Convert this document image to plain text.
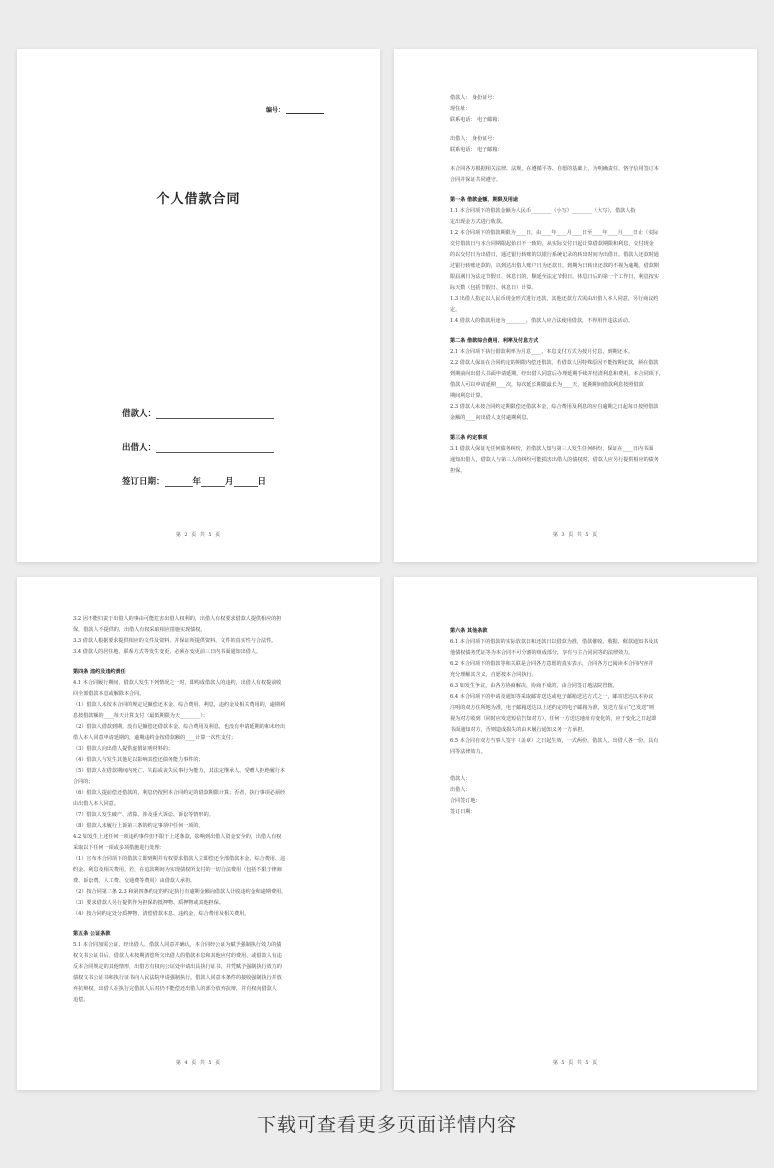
编号：
个人借款合同
借款人：
出借人：
签订日期：	年	月	日
第 2 页 共 5 页

借款人： 身份证号：

现住址：

联系电话： 电子邮箱：

出借人： 身份证号：

联系电话： 电子邮箱：

本合同各方根据相关法律、法规，在遵循平等、自愿的基础上，为明确责任、恪守信用签订本

合同并保证共同遵守。

第一条 借款金额、期限及用途

1.1 本合同项下的借款金额为人民币________（小写）________（大写），借款人指

定出现金方式进行收款。

1.2 本合同项下的借款期限为____日，由____年____月____日至____年____月____日止（实际

交付借款日与本合同期限起始日不一致的，从实际交付日起计算借款期限和利息，交付现金

的以交付日为出借日，通过银行转账的以银行系统记录的转出时间为出借日。借款人还款时通

过银行转账还款的，以到达出借人账户日为还款日，到期为日转出还款的不视为逾期。借款期

限届满日为法定节假日、休息日的，顺延至法定节假日、休息日后的第一个工作日，利息按实

际天数（包括节假日、休息日）计算。

1.3 出借人指定以人民币现金形式进行还款，其他还款方式需由出借人本人同意，另行商议约

定。

1.4 借款人的借款用途为________，借款人应合法使用借款，不得用作违法活动。

第二条 借款综合费用、利率及付息方式

2.1 本合同项下执行借款利率为月息____，本息支付方式为按月付息，到期还本。

2.2 借款人保证在合同约定的期限内偿还借款，若借款人因特殊原因不能按期还款，须在借款

到期前向出借人书面申请延期，经出借人同意后办理延期手续并结清利息和费用。本合同项下，

借款人可以申请延期____次，每次延长期限最长为____天，延期期间借款利息按照借款

期间利息计算。

2.3 借款人未按合同约定期限偿还借款本金，综合费用及利息的应自逾期之日起每日按照借款

金额的____向出借人支付逾期利息。

第三条 约定事项

3.1 借款人保证无任何债务纠纷，若借款人知与第三人发生任何纠纷，保证在____日内书面

通知出借人，借款人与第三人的纠纷可能损害出借人的债权时，借款人应另行提供相应的债务

担保。

第 3 页 共 5 页

3.2 因不能归责于出借人的事由可能危害出借人权利的，出借人有权要求借款人提供相应的担

保，借款人不提供的，出借人有权采取相应措施实现债权。

3.3 借款人根据要求提供相应的文件及资料，并保证所提供资料、文件的真实性与合法性。

3.4 借款人的居住地、联系方式等发生变更，必须在变更前三日内书面通知出借人。

第四条 违约及违约责任

4.1 本合同履行期间，借款人发生下列情况之一时，即构成借款人的违约，出借人有权提前收

回全部借款本息或解除本合同。

（1）借款人未按本合同的规定足额偿还本金、综合费用、利息，违约金及相关费用的，逾期利

息按借款额的____每天计算支付（最低期限为天________）；

（2）借款人借款到期，没有足额偿还借款本金、综合费用及利息，也没有申请延期的和未经出

借人本人同意申请延期的，逾期违约金按借款额的____计算一次性支付；

（3）借款人向出借人提供虚假证明材料的；

（4）借款人与发生其他足以影响其偿还债务能力事件的；

（5）借款人在借款期间内死亡、失踪或丧失民事行为能力，其法定继承人、受赠人拒绝履行本

合同的；

（6）借款人提前偿还借款的，利息仍按照本合同约定的借款期限计算；否者，执行事项必须经

由出借人本人同意。

（7）借款人发生破产、清算、涉及重大诉讼、诉讼等情形的。

（8）借款人未履行上诉第三条的约定事项中任何一项的。

4.2 如发生上述任何一项违约事件但不限于上述条款，影响到出借人资金安全的，出借人有权

采取以下任何一项或多项措施进行处理：

（1）宣布本合同项下的借款立即到期并有权要求借款人立即偿还全部借款本金、综合费用、违

约金、利息及相关费用。若，在追款期间为实现债权所支付的一切合法费用（包括不限于律师

费、诉讼费、人工费、交通费等费用）由借款人承担。

（2）按合同第二条 2.3 和第四条约定的约定执行有逾期金额向借款人计收违约金和逾期费用。

（3）要求借款人另行提供作为担保的抵押物、质押物或其他担保。

（4）按合同约定处分质押物，清偿借款本息、违约金，综合费用及相关费用。

第五条 公证条款

5.1 本合同加需公证，经出借人、借款人同意并确认，本合同经公证为赋予强制执行效力的债

权文书公证书后，借款人未按期清偿所欠出借人的借款本息和其他应付的费用，或借款人有违

反本合同规定的其他情形，出借方有权向公证处申请出具执行证书，并凭赋予强制执行效力的

债权文书公证书和执行证书向人民法院申请强制执行。借款人同意本条件的接收强制执行并放

弃抗辩权，出借人在执行完借款人后对仍不能偿还出借人的部分放弃抗辩，并有权向借款人

追偿。

第 4 页 共 5 页

第六条 其他条款

6.1 本合同项下的借款的实际放款日和还款日以借款为准，借款催收、收据、催款通知书及其

他债权债务凭证等为本合同不可分割的组成部分，享有与主合同同等的法律效力。

6.2 本合同项下的借款等和关联是合同各方意愿的真实表示，合同各方已阅读本合同内容并

充分理解其含义，自愿按本合同执行。

6.3 如发生争议，由各方协商解决，协商不成的，由合同签订地法院管辖。

6.4 本合同项下的申请及通知等采取邮寄送达或电子邮箱送达方式之一，邮寄送达以本协议

注明的双方住所地为准，电子邮箱送达以上述约定的电子邮箱为准，发送方显示“已发送”则

视为对方收到（同时应发送短信告知对方），任何一方送达地址有变化的，应于变化之日起即

书面通知对方，否则造成损失的由未履行通知义务一方承担。

6.5 本合同自双方当事人签字（盖章）之日起生效，一式两份，借款人、出借人各一份，具有

同等法律效力。

借款人：

出借人：

合同签订地：

签订日期：

第 5 页 共 5 页
下载可查看更多页面详情内容
